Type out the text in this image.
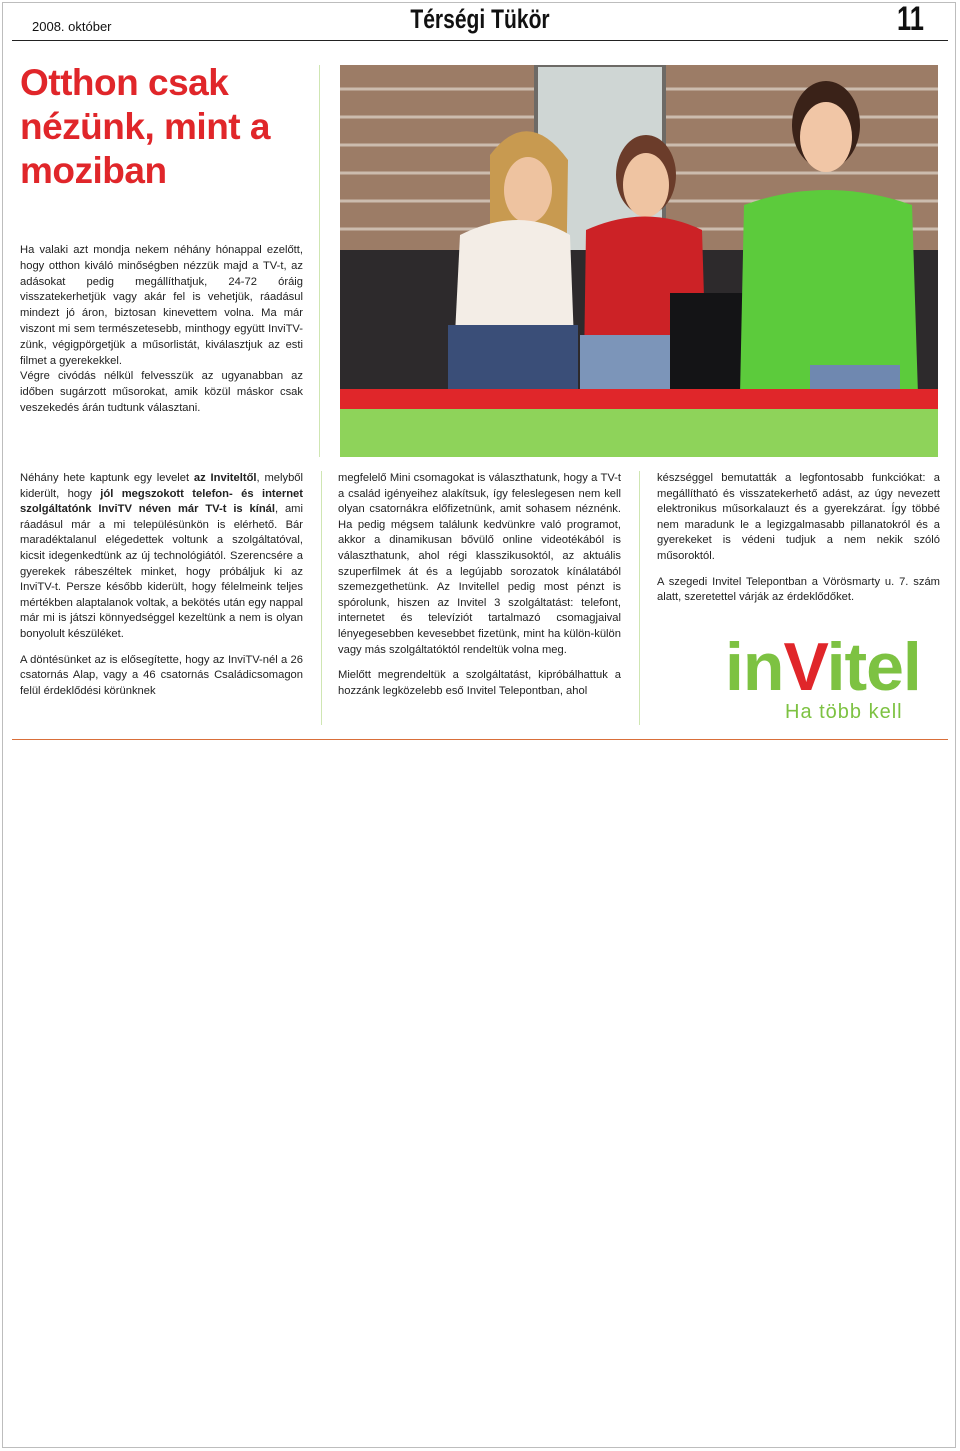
2008. október	Térségi Tükör	11
Otthon csak
nézünk, mint a
moziban

Ha valaki azt mondja nekem néhány hónappal ezelőtt, hogy otthon kiváló minőségben nézzük majd a TV-t, az adásokat pedig megállíthatjuk, 24-72 óráig visszatekerhetjük vagy akár fel is vehetjük, ráadásul mindezt jó áron, biztosan kinevettem volna. Ma már viszont mi sem természetesebb, minthogy együtt InviTV-zünk, végigpörgetjük a műsorlistát, kiválasztjuk az esti filmet a gyerekekkel.

Végre civódás nélkül felvesszük az ugyanabban az időben sugárzott műsorokat, amik közül máskor csak veszekedés árán tudtunk választani.

Néhány hete kaptunk egy levelet az Inviteltől, melyből kiderült, hogy jól megszokott telefon- és internet szolgáltatónk InviTV néven már TV-t is kínál, ami ráadásul már a mi településünkön is elérhető. Bár maradéktalanul elégedettek voltunk a szolgáltatóval, kicsit idegenkedtünk az új technológiától. Szerencsére a gyerekek rábeszéltek minket, hogy próbáljuk ki az InviTV-t. Persze később kiderült, hogy félelmeink teljes mértékben alaptalanok voltak, a bekötés után egy nappal már mi is játszi könnyedséggel kezeltünk a nem is olyan bonyolult készüléket.

A döntésünket az is elősegítette, hogy az InviTV-nél a 26 csatornás Alap, vagy a 46 csatornás Családicsomagon felül érdeklődési körünknek

megfelelő Mini csomagokat is választhatunk, hogy a TV-t a család igényeihez alakítsuk, így feleslegesen nem kell olyan csatornákra előfizetnünk, amit sohasem néznénk. Ha pedig mégsem találunk kedvünkre való programot, akkor a dinamikusan bővülő online videotékából is választhatunk, ahol régi klasszikusoktól, az aktuális szuperfilmek át és a legújabb sorozatok kínálatából szemezgethetünk. Az Invitellel pedig most pénzt is spórolunk, hiszen az Invitel 3 szolgáltatást: telefont, internetet és televíziót tartalmazó csomagjaival lényegesebben kevesebbet fizetünk, mint ha külön-külön vagy más szolgáltatóktól rendeltük volna meg.

Mielőtt megrendeltük a szolgáltatást, kipróbálhattuk a hozzánk legközelebb eső Invitel Telepontban, ahol

készséggel bemutatták a legfontosabb funkciókat: a megállítható és visszatekerhető adást, az úgy nevezett elektronikus műsorkalauzt és a gyerekzárat. Így többé nem maradunk le a legizgalmasabb pillanatokról és a gyerekeket is védeni tudjuk a nem nekik szóló műsoroktól.

A szegedi Invitel Telepontban a Vörösmarty u. 7. szám alatt, szeretettel várják az érdeklődőket.

inVitel
Ha több kell
